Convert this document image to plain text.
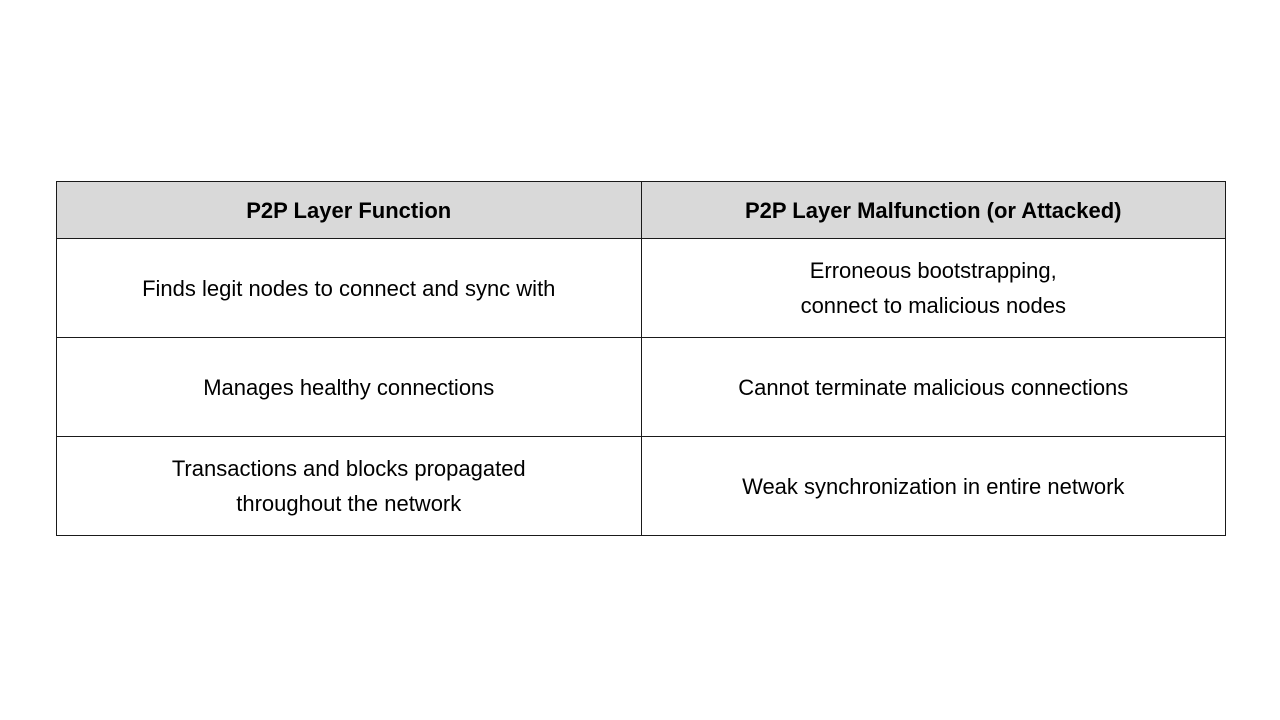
P2P Layer Function	P2P Layer Malfunction (or Attacked)

Finds legit nodes to connect and sync with	Erroneous bootstrapping,
connect to malicious nodes

Manages healthy connections	Cannot terminate malicious connections

Transactions and blocks propagated
throughout the network	Weak synchronization in entire network
